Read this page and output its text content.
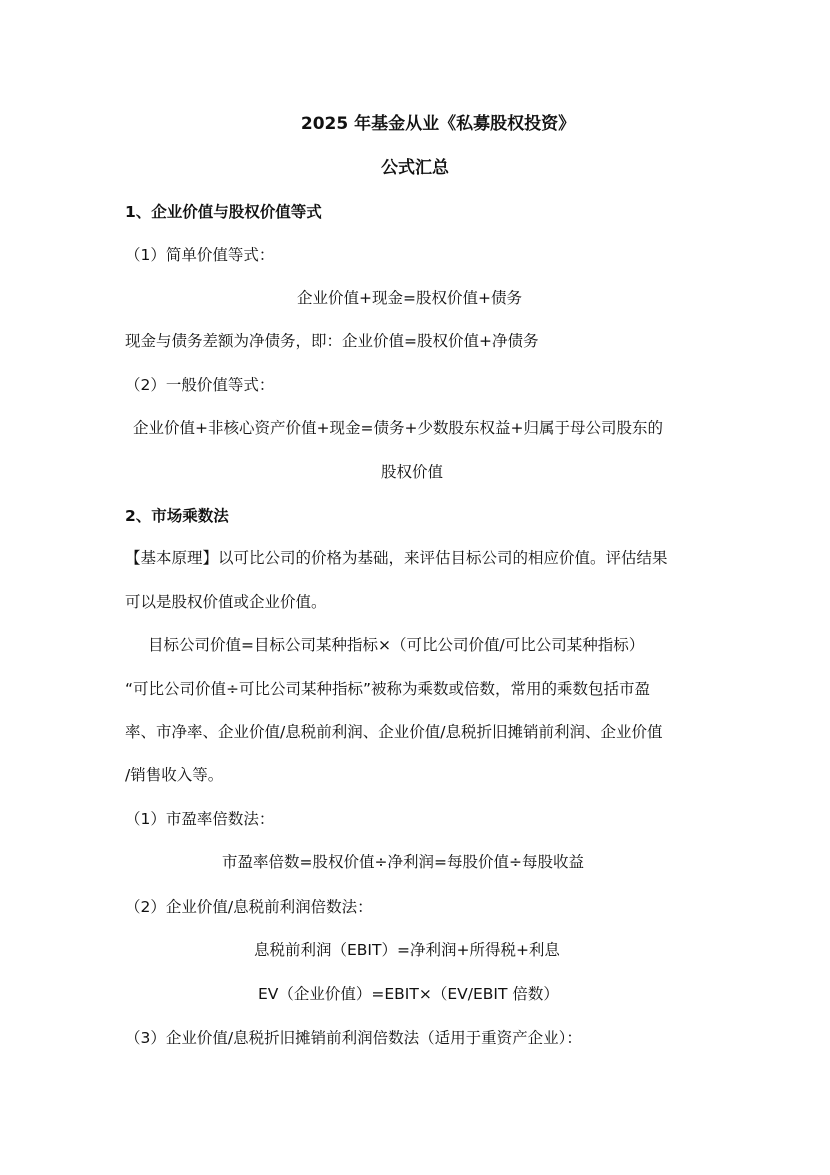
2025 年基金从业《私募股权投资》
公式汇总
1、企业价值与股权价值等式
（1）简单价值等式：
企业价值+现金=股权价值+债务
现金与债务差额为净债务，即：企业价值=股权价值+净债务
（2）一般价值等式：
企业价值+非核心资产价值+现金=债务+少数股东权益+归属于母公司股东的
股权价值
2、市场乘数法
【基本原理】以可比公司的价格为基础，来评估目标公司的相应价值。评估结果
可以是股权价值或企业价值。
目标公司价值=目标公司某种指标×（可比公司价值/可比公司某种指标）
“可比公司价值÷可比公司某种指标”被称为乘数或倍数，常用的乘数包括市盈
率、市净率、企业价值/息税前利润、企业价值/息税折旧摊销前利润、企业价值
/销售收入等。
（1）市盈率倍数法：
市盈率倍数=股权价值÷净利润=每股价值÷每股收益
（2）企业价值/息税前利润倍数法：
息税前利润（EBIT）=净利润+所得税+利息
EV（企业价值）=EBIT×（EV/EBIT 倍数）
（3）企业价值/息税折旧摊销前利润倍数法（适用于重资产企业）：
